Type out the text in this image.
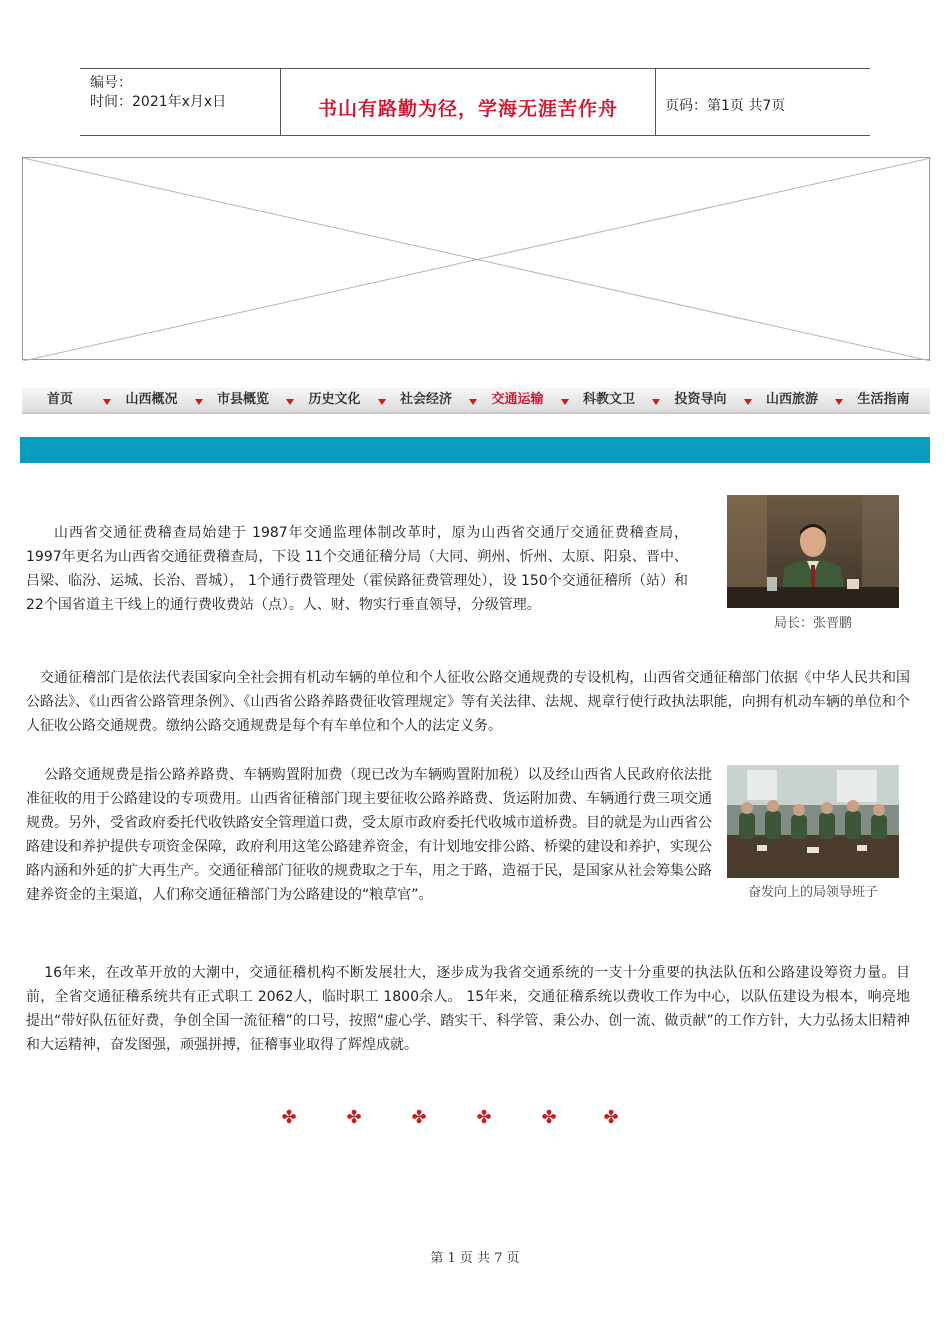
编号：
时间：2021年x月x日	书山有路勤为径，学海无涯苦作舟	页码：第1页 共7页
首页	山西概况	市县概览	历史文化	社会经济	交通运输	科教文卫	投资导向	山西旅游	生活指南
山西省交通征费稽查局始建于 1987年交通监理体制改革时，原为山西省交通厅交通征费稽查局， 1997年更名为山西省交通征费稽查局，下设 11个交通征稽分局（大同、朔州、忻州、太原、阳泉、晋中、吕梁、临汾、运城、长治、晋城）， 1个通行费管理处（霍侯路征费管理处），设 150个交通征稽所（站）和 22个国省道主干线上的通行费收费站（点）。人、财、物实行垂直领导，分级管理。
交通征稽部门是依法代表国家向全社会拥有机动车辆的单位和个人征收公路交通规费的专设机构，山西省交通征稽部门依据《中华人民共和国公路法》、《山西省公路管理条例》、《山西省公路养路费征收管理规定》等有关法律、法规、规章行使行政执法职能，向拥有机动车辆的单位和个人征收公路交通规费。缴纳公路交通规费是每个有车单位和个人的法定义务。
公路交通规费是指公路养路费、车辆购置附加费（现已改为车辆购置附加税）以及经山西省人民政府依法批准征收的用于公路建设的专项费用。山西省征稽部门现主要征收公路养路费、货运附加费、车辆通行费三项交通规费。另外，受省政府委托代收铁路安全管理道口费，受太原市政府委托代收城市道桥费。目的就是为山西省公路建设和养护提供专项资金保障，政府利用这笔公路建养资金，有计划地安排公路、桥梁的建设和养护，实现公路内涵和外延的扩大再生产。交通征稽部门征收的规费取之于车，用之于路，造福于民，是国家从社会筹集公路建养资金的主渠道，人们称交通征稽部门为公路建设的“粮草官”。
16年来，在改革开放的大潮中，交通征稽机构不断发展壮大，逐步成为我省交通系统的一支十分重要的执法队伍和公路建设筹资力量。目前，全省交通征稽系统共有正式职工 2062人，临时职工 1800余人。 15年来，交通征稽系统以费收工作为中心，以队伍建设为根本，响亮地提出“带好队伍征好费，争创全国一流征稽”的口号，按照“虚心学、踏实干、科学管、秉公办、创一流、做贡献”的工作方针，大力弘扬太旧精神和大运精神，奋发图强，顽强拼搏，征稽事业取得了辉煌成就。
局长：张晋鹏
奋发向上的局领导班子
第 1 页 共 7 页
✤	✤	✤	✤	✤	✤
